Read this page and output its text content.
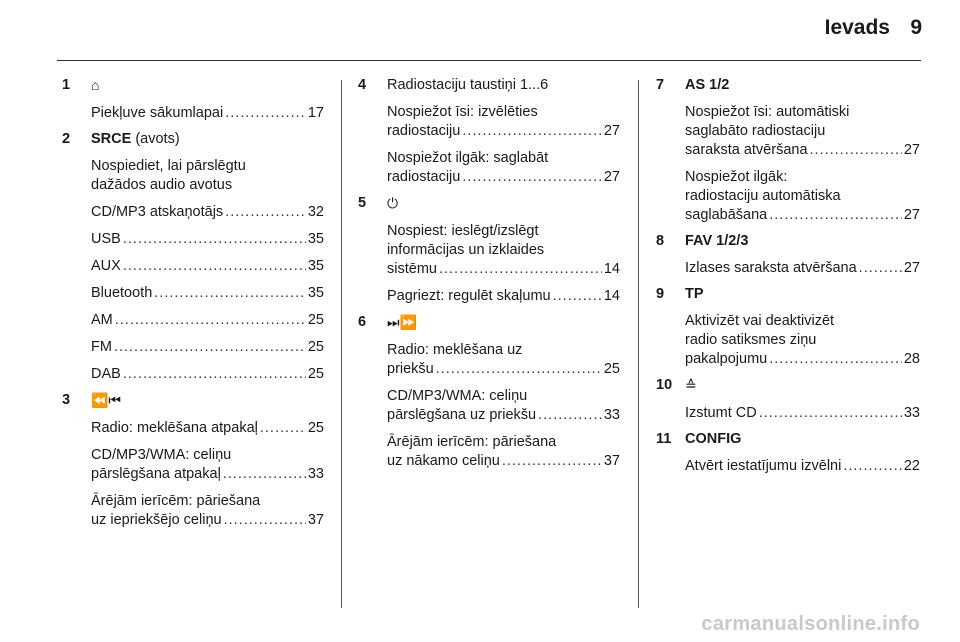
Ievads 9
1	⌂
Piekļuve sākumlapai .....	17
2	SRCE (avots)
Nospiediet, lai pārslēgtu
dažādos audio avotus
CD/MP3 atskaņotājs .....	32
USB .....	35
AUX .....	35
Bluetooth .....	35
AM .....	25
FM .....	25
DAB .....	25
3	⏪⏮
Radio: meklēšana atpakaļ .....	25
CD/MP3/WMA: celiņu
pārslēgšana atpakaļ .....	33
Ārējām ierīcēm: pāriešana
uz iepriekšējo celiņu .....	37
4	Radiostaciju taustiņi 1...6
Nospiežot īsi: izvēlēties
radiostaciju .....	27
Nospiežot ilgāk: saglabāt
radiostaciju .....	27
5	⏻
Nospiest: ieslēgt/izslēgt
informācijas un izklaides
sistēmu .....	14
Pagriezt: regulēt skaļumu .....	14
6	⏭⏩
Radio: meklēšana uz
priekšu .....	25
CD/MP3/WMA: celiņu
pārslēgšana uz priekšu .....	33
Ārējām ierīcēm: pāriešana
uz nākamo celiņu .....	37
7	AS 1/2
Nospiežot īsi: automātiski
saglabāto radiostaciju
saraksta atvēršana .....	27
Nospiežot ilgāk:
radiostaciju automātiska
saglabāšana .....	27
8	FAV 1/2/3
Izlases saraksta atvēršana .....	27
9	TP
Aktivizēt vai deaktivizēt
radio satiksmes ziņu
pakalpojumu .....	28
10 ≙
Izstumt CD .....	33
11 CONFIG
Atvērt iestatījumu izvēlni .....	22
carmanualsonline.info
